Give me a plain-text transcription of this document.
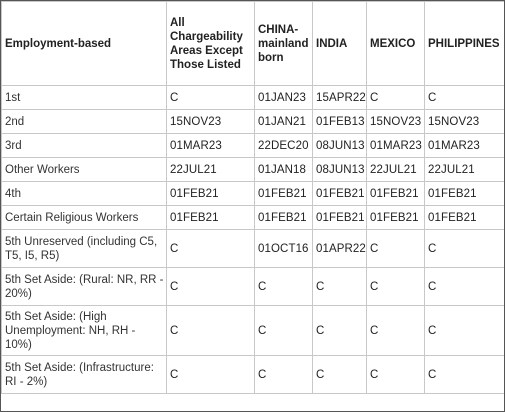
Employment-based	All Chargeability Areas Except Those Listed	CHINA-mainland born	INDIA	MEXICO	PHILIPPINES
1st	C	01JAN23	15APR22	C	C
2nd	15NOV23	01JAN21	01FEB13	15NOV23	15NOV23
3rd	01MAR23	22DEC20	08JUN13	01MAR23	01MAR23
Other Workers	22JUL21	01JAN18	08JUN13	22JUL21	22JUL21
4th	01FEB21	01FEB21	01FEB21	01FEB21	01FEB21
Certain Religious Workers	01FEB21	01FEB21	01FEB21	01FEB21	01FEB21
5th Unreserved (including C5, T5, I5, R5)	C	01OCT16	01APR22	C	C
5th Set Aside: (Rural: NR, RR - 20%)	C	C	C	C	C
5th Set Aside: (High Unemployment: NH, RH - 10%)	C	C	C	C	C
5th Set Aside: (Infrastructure: RI - 2%)	C	C	C	C	C
